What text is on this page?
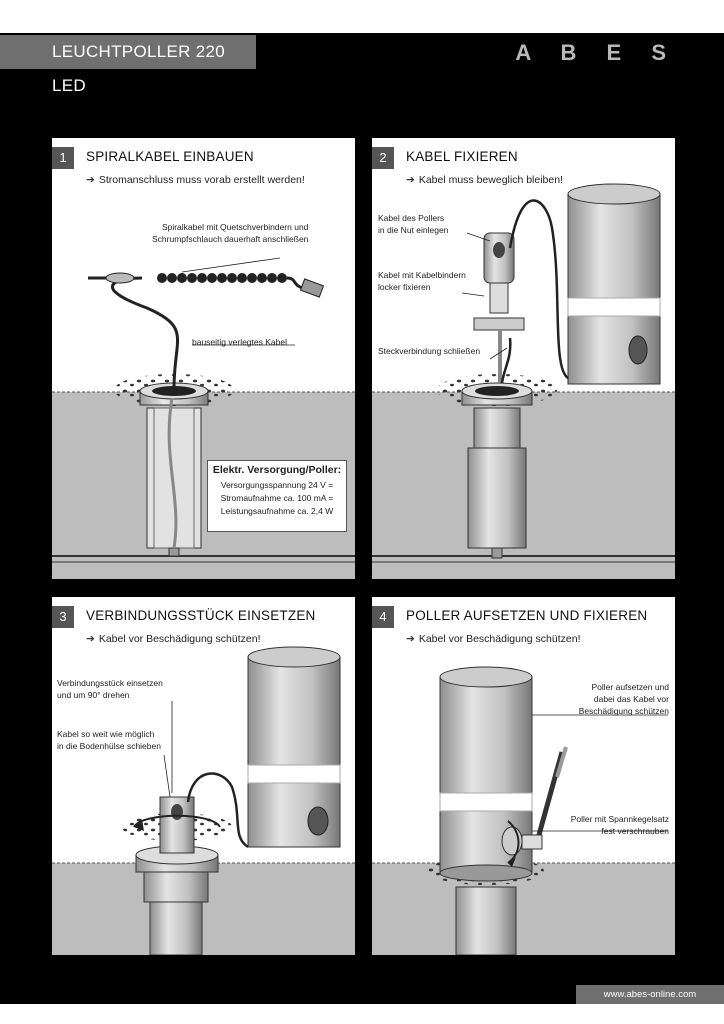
LEUCHTPOLLER 220 LED
A B E S
1	SPIRALKABEL EINBAUEN
➔ Stromanschluss muss vorab erstellt werden!
Spiralkabel mit Quetschverbindern und
Schrumpfschlauch dauerhaft anschließen
bauseitig verlegtes Kabel
Elektr. Versorgung/Poller:
Versorgungsspannung 24 V =
Stromaufnahme ca. 100 mA =
Leistungsaufnahme ca. 2,4 W
2	KABEL FIXIEREN
➔ Kabel muss beweglich bleiben!
Kabel des Pollers
in die Nut einlegen
Kabel mit Kabelbindern
locker fixieren
Steckverbindung schließen
3	VERBINDUNGSSTÜCK EINSETZEN
➔ Kabel vor Beschädigung schützen!
Verbindungsstück einsetzen
und um 90° drehen
Kabel so weit wie möglich
in die Bodenhülse schieben
4	POLLER AUFSETZEN UND FIXIEREN
➔ Kabel vor Beschädigung schützen!
Poller aufsetzen und
dabei das Kabel vor
Beschädigung schützen
Poller mit Spannkegelsatz
fest verschrauben
www.abes-online.com
